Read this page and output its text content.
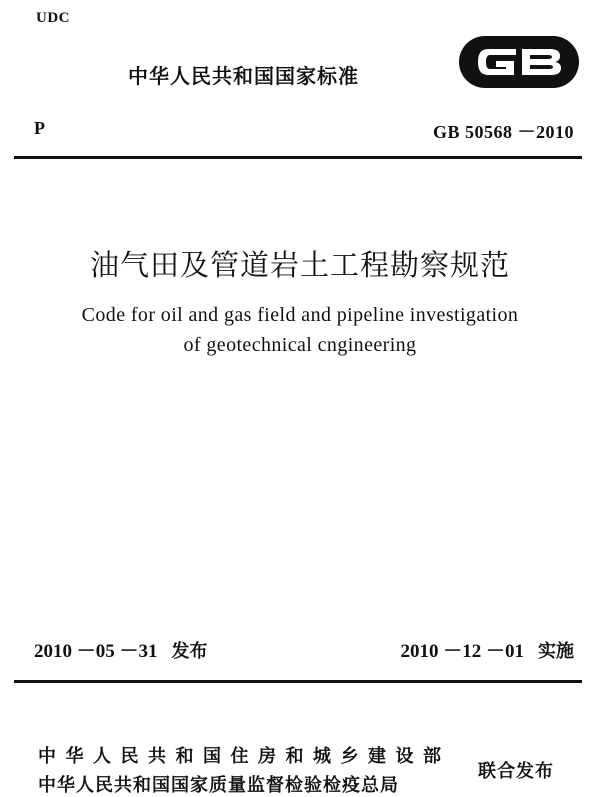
UDC
中华人民共和国国家标准
P	GB 50568 －2010
油气田及管道岩土工程勘察规范
Code for oil and gas field and pipeline investigation
of geotechnical cngineering
2010 －05 －31 发布	2010 －12 －01 实施
中华人民共和国住房和城乡建设部
中华人民共和国国家质量监督检验检疫总局
联合发布
